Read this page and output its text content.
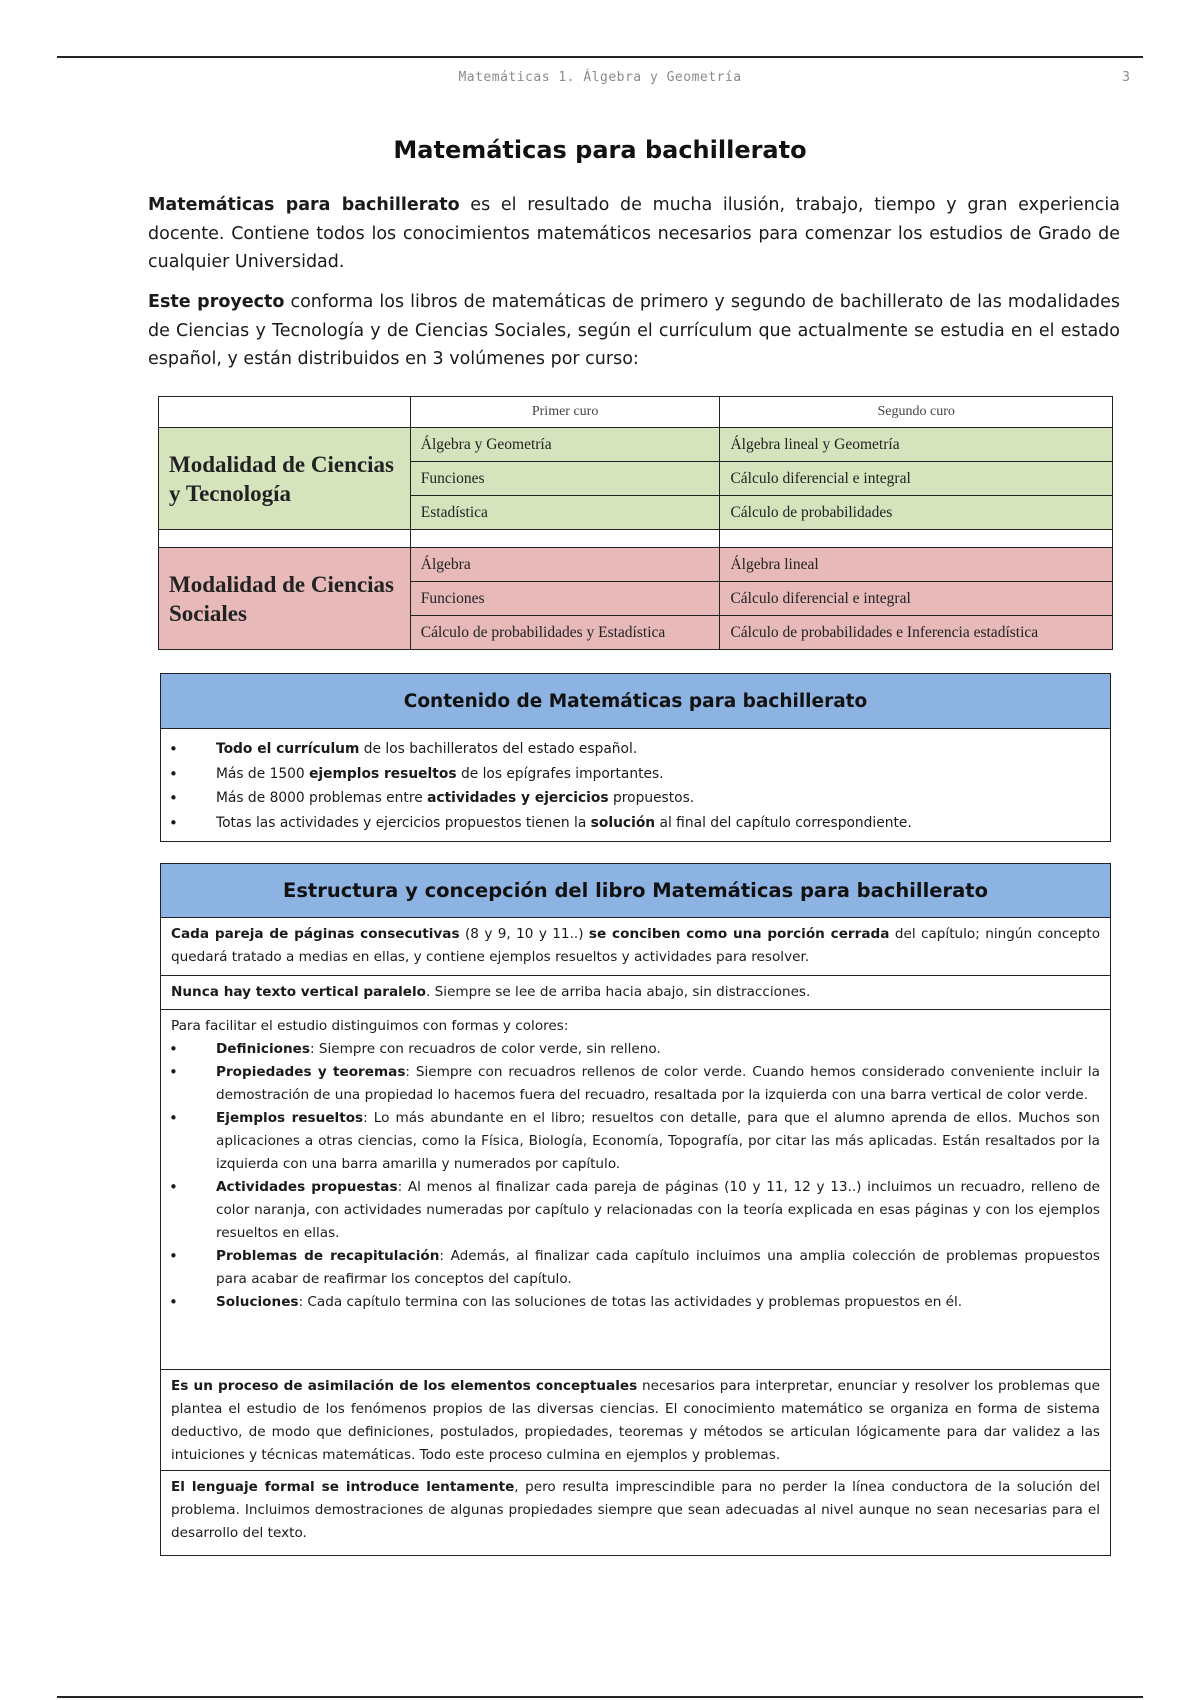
Matemáticas 1. Álgebra y Geometría	3
Matemáticas para bachillerato

Matemáticas para bachillerato es el resultado de mucha ilusión, trabajo, tiempo y gran experiencia docente. Contiene todos los conocimientos matemáticos necesarios para comenzar los estudios de Grado de cualquier Universidad.

Este proyecto conforma los libros de matemáticas de primero y segundo de bachillerato de las modalidades de Ciencias y Tecnología y de Ciencias Sociales, según el currículum que actualmente se estudia en el estado español, y están distribuidos en 3 volúmenes por curso:

	Primer curo	Segundo curo
Modalidad de Ciencias y Tecnología	Álgebra y Geometría	Álgebra lineal y Geometría
	Funciones	Cálculo diferencial e integral
	Estadística	Cálculo de probabilidades

Modalidad de Ciencias Sociales	Álgebra	Álgebra lineal
	Funciones	Cálculo diferencial e integral
	Cálculo de probabilidades y Estadística	Cálculo de probabilidades e Inferencia estadística
Contenido de Matemáticas para bachillerato
• Todo el currículum de los bachilleratos del estado español.
• Más de 1500 ejemplos resueltos de los epígrafes importantes.
• Más de 8000 problemas entre actividades y ejercicios propuestos.
• Totas las actividades y ejercicios propuestos tienen la solución al final del capítulo correspondiente.
Estructura y concepción del libro Matemáticas para bachillerato
Cada pareja de páginas consecutivas (8 y 9, 10 y 11..) se conciben como una porción cerrada del capítulo; ningún concepto quedará tratado a medias en ellas, y contiene ejemplos resueltos y actividades para resolver.
Nunca hay texto vertical paralelo. Siempre se lee de arriba hacia abajo, sin distracciones.
Para facilitar el estudio distinguimos con formas y colores:
• Definiciones: Siempre con recuadros de color verde, sin relleno.
• Propiedades y teoremas: Siempre con recuadros rellenos de color verde. Cuando hemos considerado conveniente incluir la demostración de una propiedad lo hacemos fuera del recuadro, resaltada por la izquierda con una barra vertical de color verde.
• Ejemplos resueltos: Lo más abundante en el libro; resueltos con detalle, para que el alumno aprenda de ellos. Muchos son aplicaciones a otras ciencias, como la Física, Biología, Economía, Topografía, por citar las más aplicadas. Están resaltados por la izquierda con una barra amarilla y numerados por capítulo.
• Actividades propuestas: Al menos al finalizar cada pareja de páginas (10 y 11, 12 y 13..) incluimos un recuadro, relleno de color naranja, con actividades numeradas por capítulo y relacionadas con la teoría explicada en esas páginas y con los ejemplos resueltos en ellas.
• Problemas de recapitulación: Además, al finalizar cada capítulo incluimos una amplia colección de problemas propuestos para acabar de reafirmar los conceptos del capítulo.
• Soluciones: Cada capítulo termina con las soluciones de totas las actividades y problemas propuestos en él.
Es un proceso de asimilación de los elementos conceptuales necesarios para interpretar, enunciar y resolver los problemas que plantea el estudio de los fenómenos propios de las diversas ciencias. El conocimiento matemático se organiza en forma de sistema deductivo, de modo que definiciones, postulados, propiedades, teoremas y métodos se articulan lógicamente para dar validez a las intuiciones y técnicas matemáticas. Todo este proceso culmina en ejemplos y problemas.
El lenguaje formal se introduce lentamente, pero resulta imprescindible para no perder la línea conductora de la solución del problema. Incluimos demostraciones de algunas propiedades siempre que sean adecuadas al nivel aunque no sean necesarias para el desarrollo del texto.
